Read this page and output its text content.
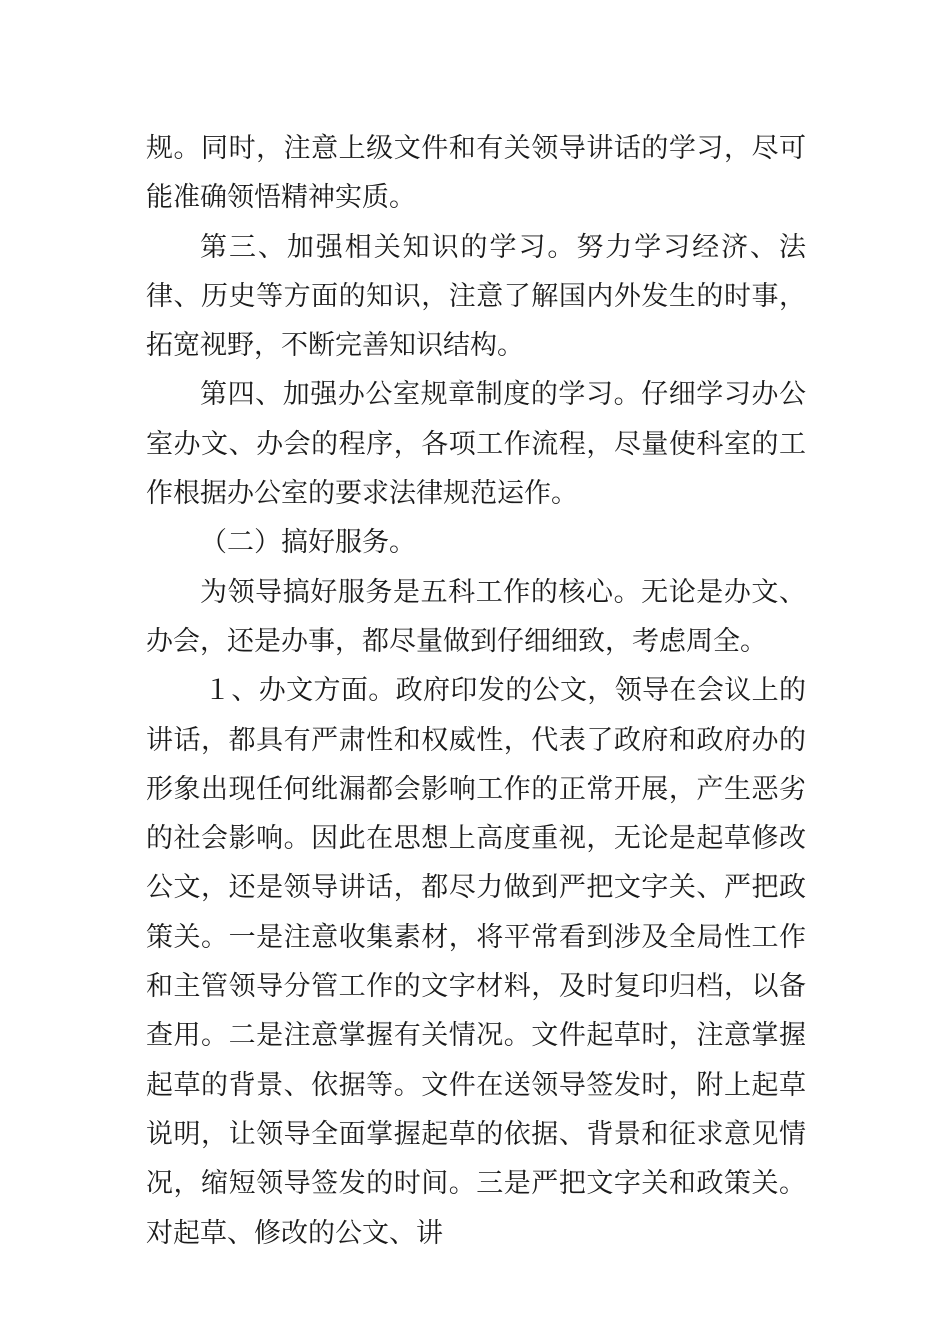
规。同时，注意上级文件和有关领导讲话的学习，尽可能准确领悟精神实质。

第三、加强相关知识的学习。努力学习经济、法律、历史等方面的知识，注意了解国内外发生的时事，拓宽视野，不断完善知识结构。

第四、加强办公室规章制度的学习。仔细学习办公室办文、办会的程序，各项工作流程，尽量使科室的工作根据办公室的要求法律规范运作。

（二）搞好服务。

为领导搞好服务是五科工作的核心。无论是办文、办会，还是办事，都尽量做到仔细细致，考虑周全。

１、办文方面。政府印发的公文，领导在会议上的讲话，都具有严肃性和权威性，代表了政府和政府办的形象出现任何纰漏都会影响工作的正常开展，产生恶劣的社会影响。因此在思想上高度重视，无论是起草修改公文，还是领导讲话，都尽力做到严把文字关、严把政策关。一是注意收集素材，将平常看到涉及全局性工作和主管领导分管工作的文字材料，及时复印归档，以备查用。二是注意掌握有关情况。文件起草时，注意掌握起草的背景、依据等。文件在送领导签发时，附上起草说明，让领导全面掌握起草的依据、背景和征求意见情况，缩短领导签发的时间。三是严把文字关和政策关。对起草、修改的公文、讲
